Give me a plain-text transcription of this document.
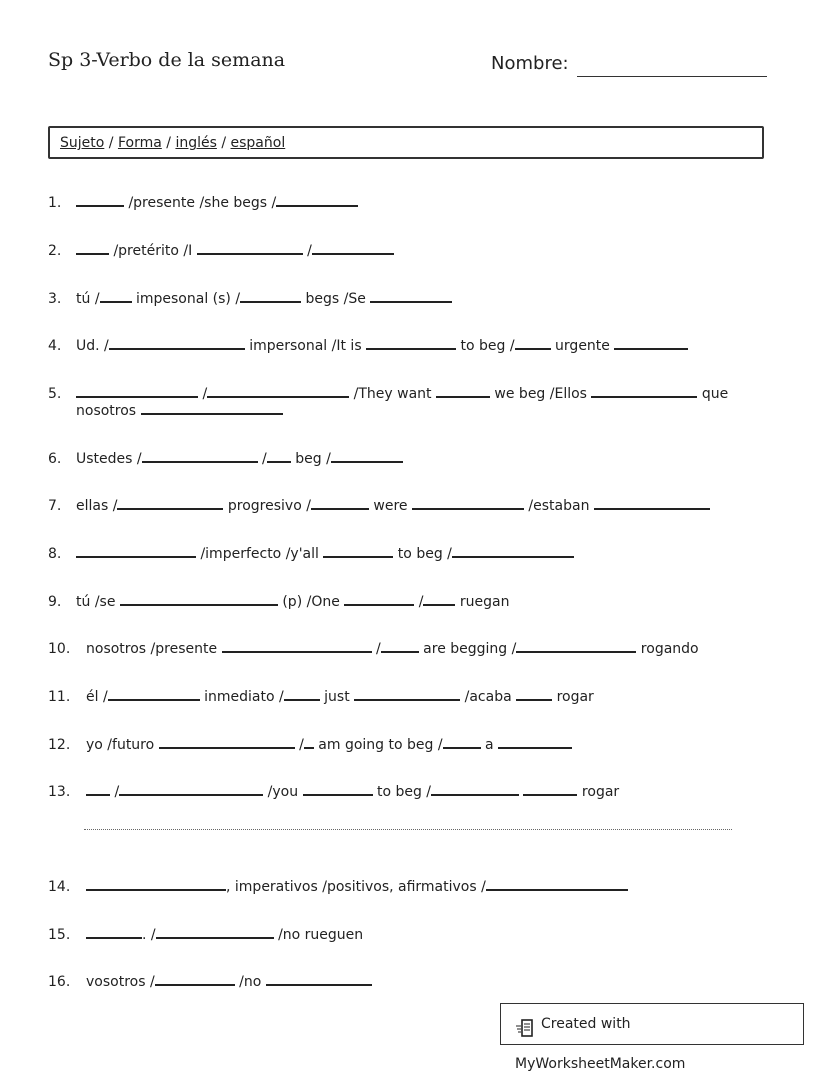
Sp 3-Verbo de la semana	Nombre:
Sujeto / Forma / inglés / español
1.	/presente /she begs /
2.	/pretérito /I	/
3. tú / impesonal (s) /	begs /Se
4. Ud. /	impersonal /It is	to beg /	urgente
5.	/	/They want	we beg /Ellos	que
nosotros
6. Ustedes /	/ beg /
7. ellas /	progresivo /	were	/estaban
8.	/imperfecto /y'all	to beg /
9. tú /se	(p) /One	/ ruegan
10. nosotros /presente	/	are begging /	rogando
11. él /	inmediato /	just	/acaba	rogar
12. yo /futuro	/ am going to beg /	a
13.	/	/you	to beg /	rogar
14.	, imperativos /positivos, afirmativos /
15.	. /	/no rueguen
16. vosotros /	/no
Created with MyWorksheetMaker.com
